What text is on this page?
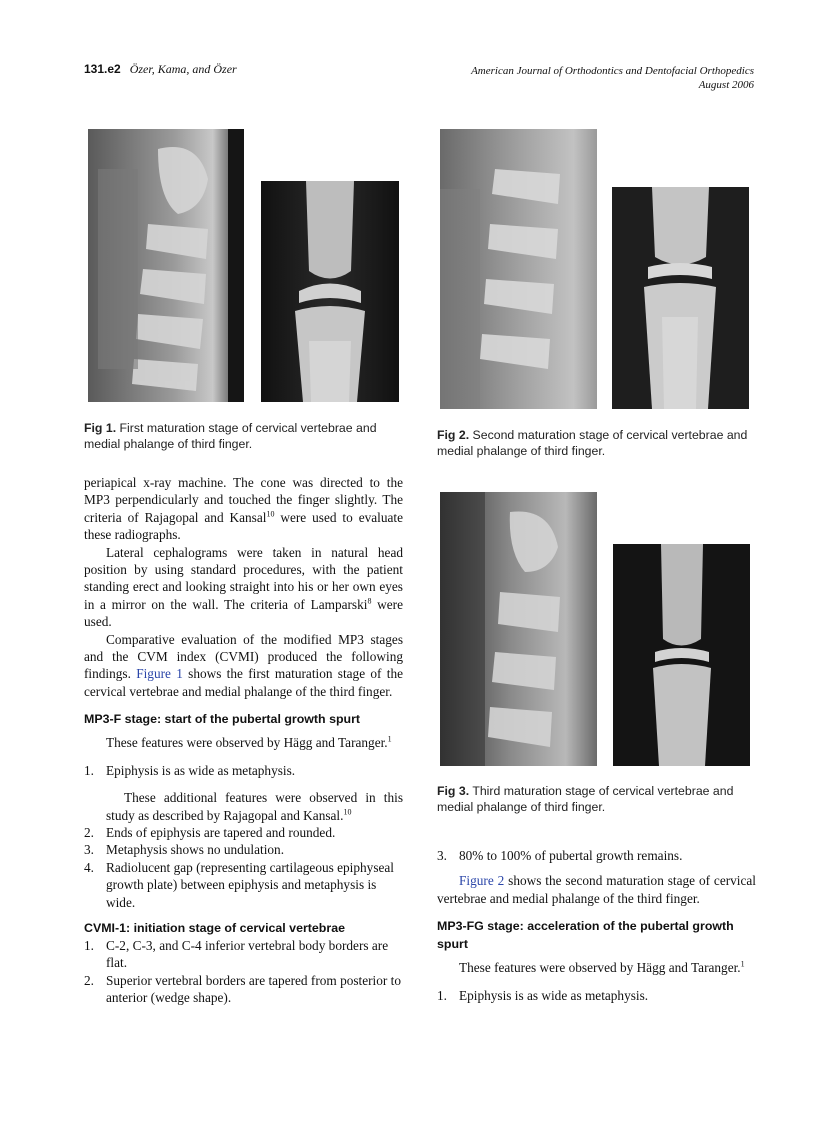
131.e2 Özer, Kama, and Özer	American Journal of Orthodontics and Dentofacial Orthopedics
August 2006
Fig 1. First maturation stage of cervical vertebrae and medial phalange of third finger.
Fig 2. Second maturation stage of cervical vertebrae and medial phalange of third finger.
Fig 3. Third maturation stage of cervical vertebrae and medial phalange of third finger.

periapical x-ray machine. The cone was directed to the MP3 perpendicularly and touched the finger slightly. The criteria of Rajagopal and Kansal$^{10}$ were used to evaluate these radiographs.

Lateral cephalograms were taken in natural head position by using standard procedures, with the patient standing erect and looking straight into his or her own eyes in a mirror on the wall. The criteria of Lamparski$^8$ were used.

Comparative evaluation of the modified MP3 stages and the CVM index (CVMI) produced the following findings. Figure 1 shows the first maturation stage of the cervical vertebrae and medial phalange of the third finger.

MP3-F stage: start of the pubertal growth spurt

These features were observed by Hägg and Taranger.$^1$

1. Epiphysis is as wide as metaphysis.

These additional features were observed in this study as described by Rajagopal and Kansal.$^{10}$

2. Ends of epiphysis are tapered and rounded.
3. Metaphysis shows no undulation.
4. Radiolucent gap (representing cartilageous epiphyseal growth plate) between epiphysis and metaphysis is wide.

CVMI-1: initiation stage of cervical vertebrae

1. C-2, C-3, and C-4 inferior vertebral body borders are flat.
2. Superior vertebral borders are tapered from posterior to anterior (wedge shape).
3. 80% to 100% of pubertal growth remains.

Figure 2 shows the second maturation stage of cervical vertebrae and medial phalange of the third finger.

MP3-FG stage: acceleration of the pubertal growth spurt

These features were observed by Hägg and Taranger.$^1$

1. Epiphysis is as wide as metaphysis.
